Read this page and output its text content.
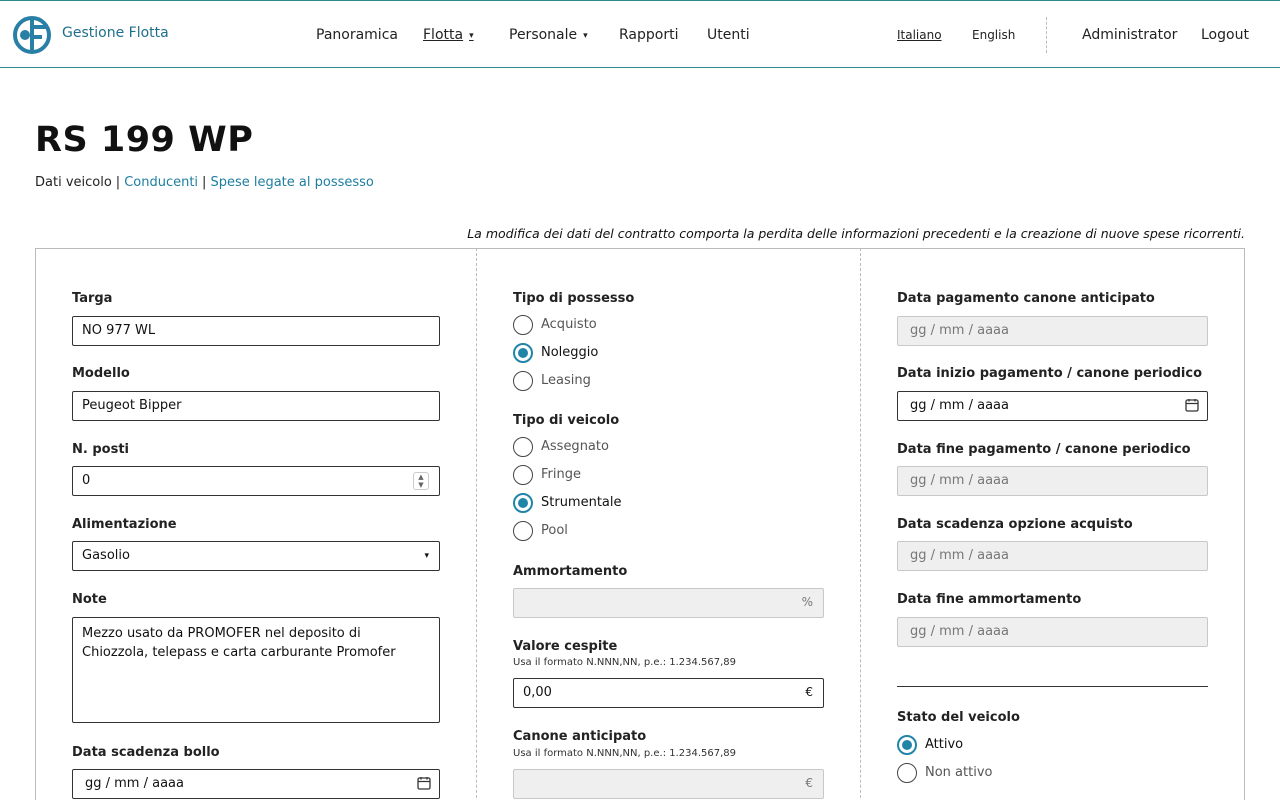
Gestione Flotta	Panoramica Flotta ▾	Personale ▾ Rapporti Utenti	Italiano	English	Administrator Logout
RS 199 WP
Dati veicolo | Conducenti | Spese legate al possesso

La modifica dei dati del contratto comporta la perdita delle informazioni precedenti e la creazione di nuove spese ricorrenti.

Targa
NO 977 WL
Modello
Peugeot Bipper
N. posti
0	▲
▼
Alimentazione
Gasolio	▾
Note
Mezzo usato da PROMOFER nel deposito di Chiozzola, telepass e carta carburante Promofer
Data scadenza bollo
gg / mm / aaaa
Tipo di possesso
Acquisto
Noleggio
Leasing
Tipo di veicolo
Assegnato
Fringe
Strumentale
Pool
Ammortamento
%
Valore cespite
Usa il formato N.NNN,NN, p.e.: 1.234.567,89
0,00	€
Canone anticipato
Usa il formato N.NNN,NN, p.e.: 1.234.567,89
€
Data pagamento canone anticipato
gg / mm / aaaa
Data inizio pagamento / canone periodico
gg / mm / aaaa
Data fine pagamento / canone periodico
gg / mm / aaaa
Data scadenza opzione acquisto
gg / mm / aaaa
Data fine ammortamento
gg / mm / aaaa
Stato del veicolo
Attivo
Non attivo
